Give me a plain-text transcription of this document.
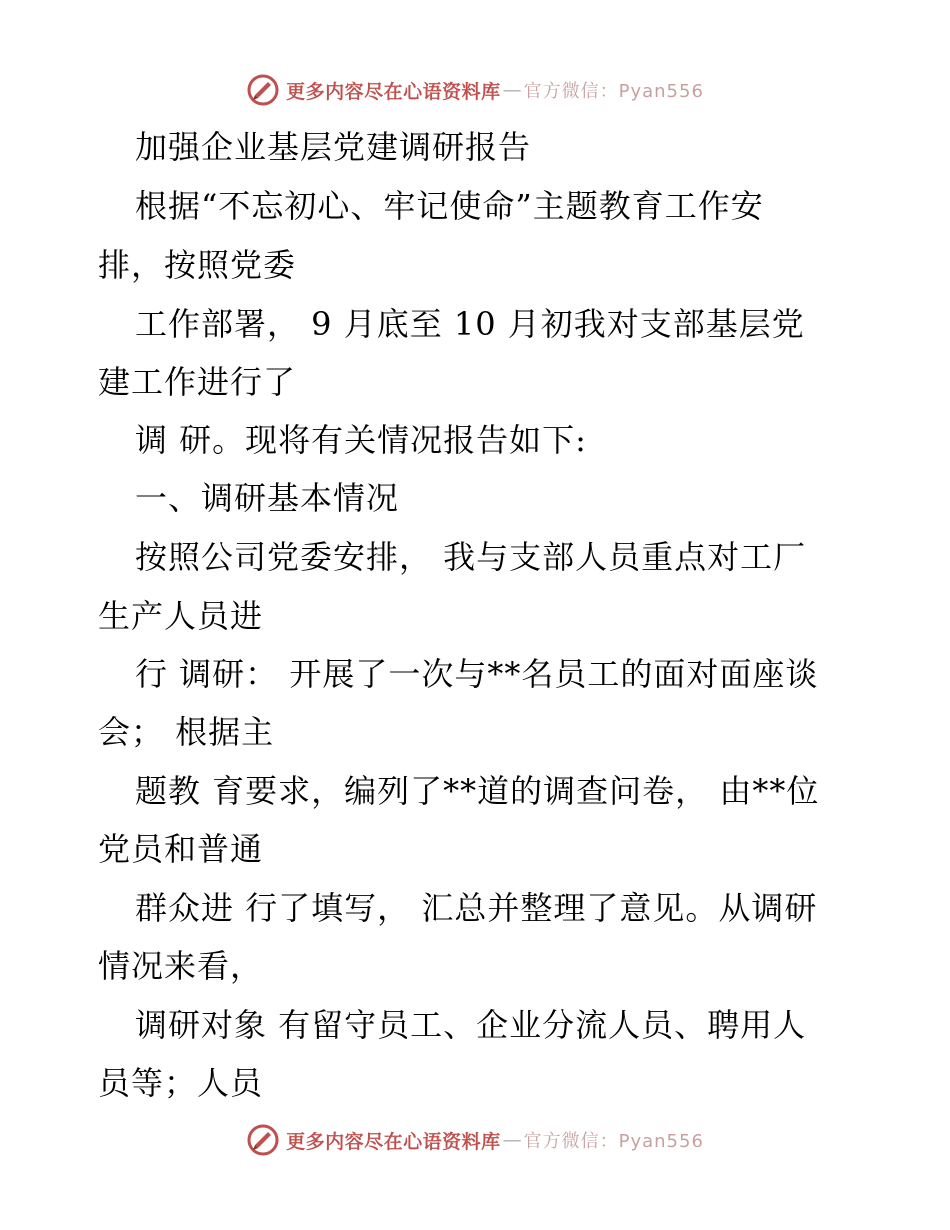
更多内容尽在心语资料库 — 官方微信：Pyan556
加强企业基层党建调研报告
根据“不忘初心、牢记使命”主题教育工作安
排，按照党委
工作部署， 9 月底至 10 月初我对支部基层党
建工作进行了
调 研。现将有关情况报告如下:
一、调研基本情况
按照公司党委安排， 我与支部人员重点对工厂
生产人员进
行 调研： 开展了一次与**名员工的面对面座谈
会； 根据主
题教 育要求，编列了**道的调查问卷， 由**位
党员和普通
群众进 行了填写， 汇总并整理了意见。从调研
情况来看，
调研对象 有留守员工、企业分流人员、聘用人
员等；人员
更多内容尽在心语资料库 — 官方微信：Pyan556
